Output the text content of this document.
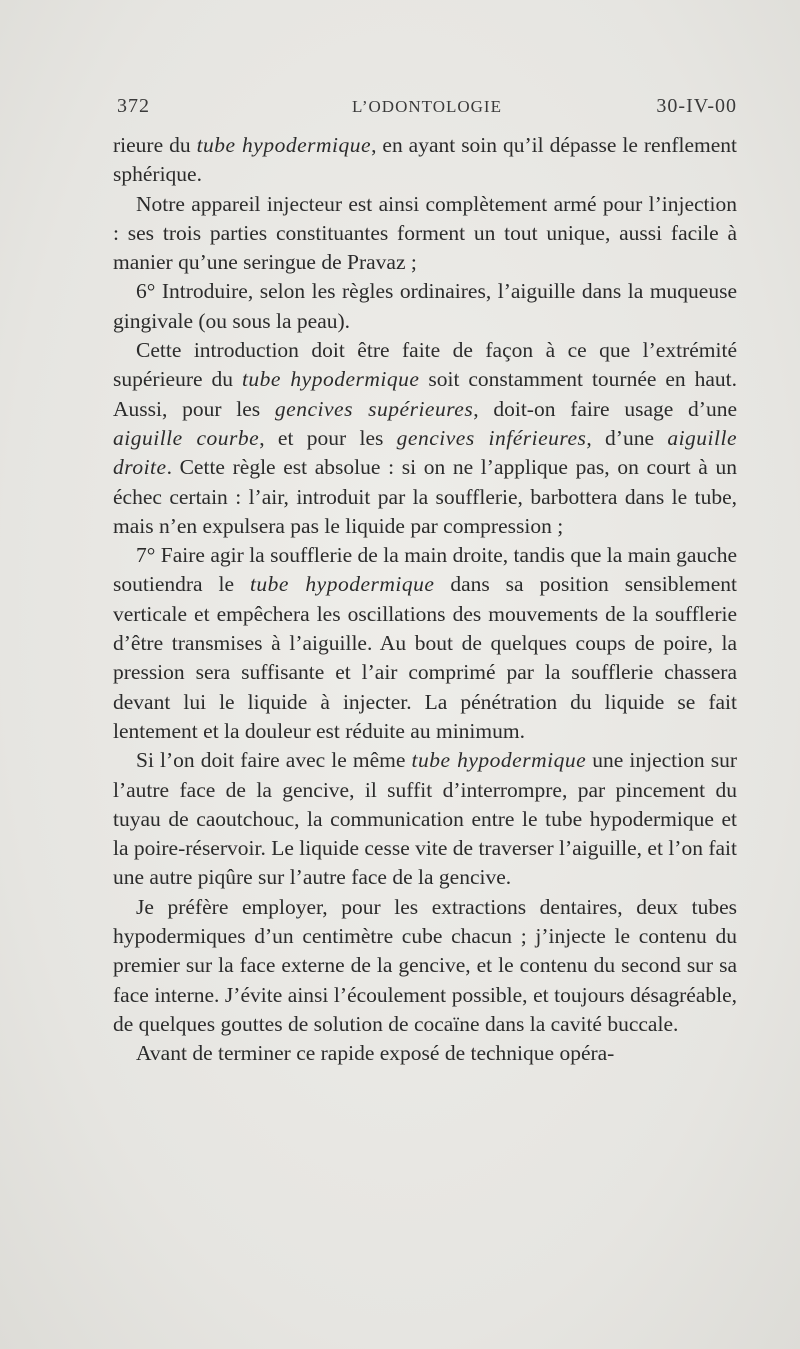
372	L’ODONTOLOGIE	30-IV-00

rieure du tube hypodermique, en ayant soin qu’il dépasse le renflement sphérique.

Notre appareil injecteur est ainsi complètement armé pour l’injection : ses trois parties constituantes forment un tout unique, aussi facile à manier qu’une seringue de Pravaz ;

6° Introduire, selon les règles ordinaires, l’aiguille dans la muqueuse gingivale (ou sous la peau).

Cette introduction doit être faite de façon à ce que l’extrémité supérieure du tube hypodermique soit constamment tournée en haut. Aussi, pour les gencives supérieures, doit-on faire usage d’une aiguille courbe, et pour les gencives inférieures, d’une aiguille droite. Cette règle est absolue : si on ne l’applique pas, on court à un échec certain : l’air, introduit par la soufflerie, barbottera dans le tube, mais n’en expulsera pas le liquide par compression ;

7° Faire agir la soufflerie de la main droite, tandis que la main gauche soutiendra le tube hypodermique dans sa position sensiblement verticale et empêchera les oscillations des mouvements de la soufflerie d’être transmises à l’aiguille. Au bout de quelques coups de poire, la pression sera suffisante et l’air comprimé par la soufflerie chassera devant lui le liquide à injecter. La pénétration du liquide se fait lentement et la douleur est réduite au minimum.

Si l’on doit faire avec le même tube hypodermique une injection sur l’autre face de la gencive, il suffit d’interrompre, par pincement du tuyau de caoutchouc, la communication entre le tube hypodermique et la poire-réservoir. Le liquide cesse vite de traverser l’aiguille, et l’on fait une autre piqûre sur l’autre face de la gencive.

Je préfère employer, pour les extractions dentaires, deux tubes hypodermiques d’un centimètre cube chacun ; j’injecte le contenu du premier sur la face externe de la gencive, et le contenu du second sur sa face interne. J’évite ainsi l’écoulement possible, et toujours désagréable, de quelques gouttes de solution de cocaïne dans la cavité buccale.

Avant de terminer ce rapide exposé de technique opéra-
